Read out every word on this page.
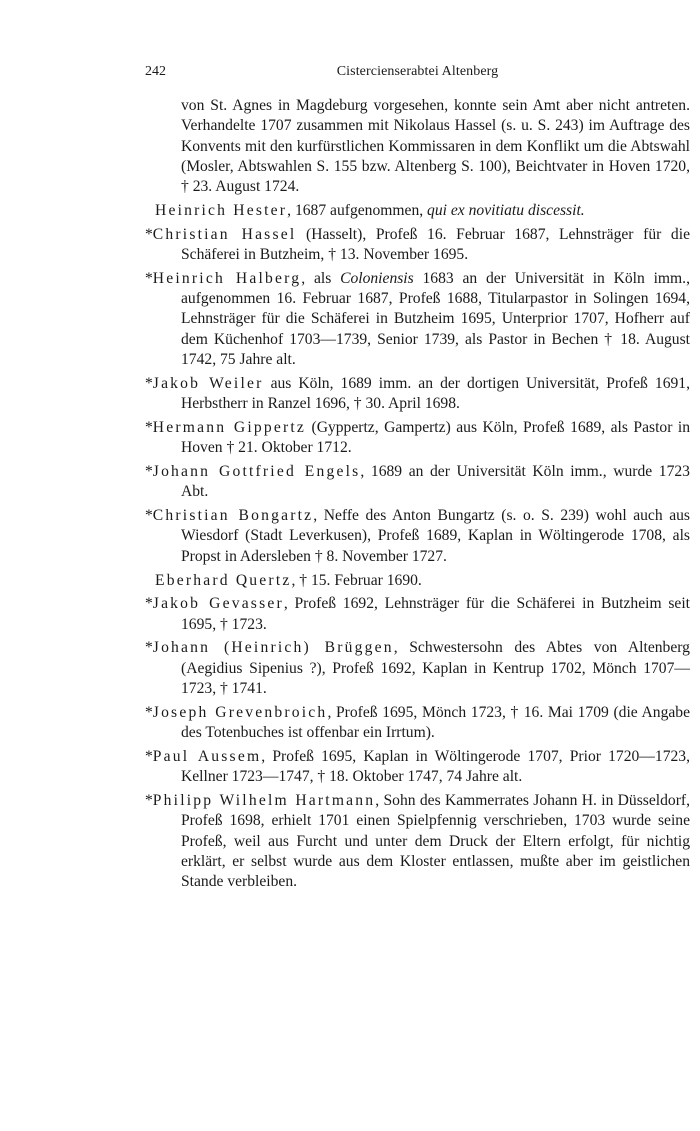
242	Cistercienserabtei Altenberg

von St. Agnes in Magdeburg vorgesehen, konnte sein Amt aber nicht antreten. Verhandelte 1707 zusammen mit Nikolaus Hassel (s. u. S. 243) im Auftrage des Konvents mit den kurfürstlichen Kommissaren in dem Konflikt um die Abtswahl (Mosler, Abtswahlen S. 155 bzw. Altenberg S. 100), Beichtvater in Hoven 1720, † 23. August 1724.

Heinrich Hester, 1687 aufgenommen, qui ex novitiatu discessit.

*Christian Hassel (Hasselt), Profeß 16. Februar 1687, Lehnsträger für die Schäferei in Butzheim, † 13. November 1695.

*Heinrich Halberg, als Coloniensis 1683 an der Universität in Köln imm., aufgenommen 16. Februar 1687, Profeß 1688, Titularpastor in Solingen 1694, Lehnsträger für die Schäferei in Butzheim 1695, Unterprior 1707, Hofherr auf dem Küchenhof 1703—1739, Senior 1739, als Pastor in Bechen † 18. August 1742, 75 Jahre alt.

*Jakob Weiler aus Köln, 1689 imm. an der dortigen Universität, Profeß 1691, Herbstherr in Ranzel 1696, † 30. April 1698.

*Hermann Gippertz (Gyppertz, Gampertz) aus Köln, Profeß 1689, als Pastor in Hoven † 21. Oktober 1712.

*Johann Gottfried Engels, 1689 an der Universität Köln imm., wurde 1723 Abt.

*Christian Bongartz, Neffe des Anton Bungartz (s. o. S. 239) wohl auch aus Wiesdorf (Stadt Leverkusen), Profeß 1689, Kaplan in Wöltingerode 1708, als Propst in Adersleben † 8. November 1727.

Eberhard Quertz, † 15. Februar 1690.

*Jakob Gevasser, Profeß 1692, Lehnsträger für die Schäferei in Butzheim seit 1695, † 1723.

*Johann (Heinrich) Brüggen, Schwestersohn des Abtes von Altenberg (Aegidius Sipenius ?), Profeß 1692, Kaplan in Kentrup 1702, Mönch 1707—1723, † 1741.

*Joseph Grevenbroich, Profeß 1695, Mönch 1723, † 16. Mai 1709 (die Angabe des Totenbuches ist offenbar ein Irrtum).

*Paul Aussem, Profeß 1695, Kaplan in Wöltingerode 1707, Prior 1720—1723, Kellner 1723—1747, † 18. Oktober 1747, 74 Jahre alt.

*Philipp Wilhelm Hartmann, Sohn des Kammerrates Johann H. in Düsseldorf, Profeß 1698, erhielt 1701 einen Spielpfennig verschrieben, 1703 wurde seine Profeß, weil aus Furcht und unter dem Druck der Eltern erfolgt, für nichtig erklärt, er selbst wurde aus dem Kloster entlassen, mußte aber im geistlichen Stande verbleiben.
